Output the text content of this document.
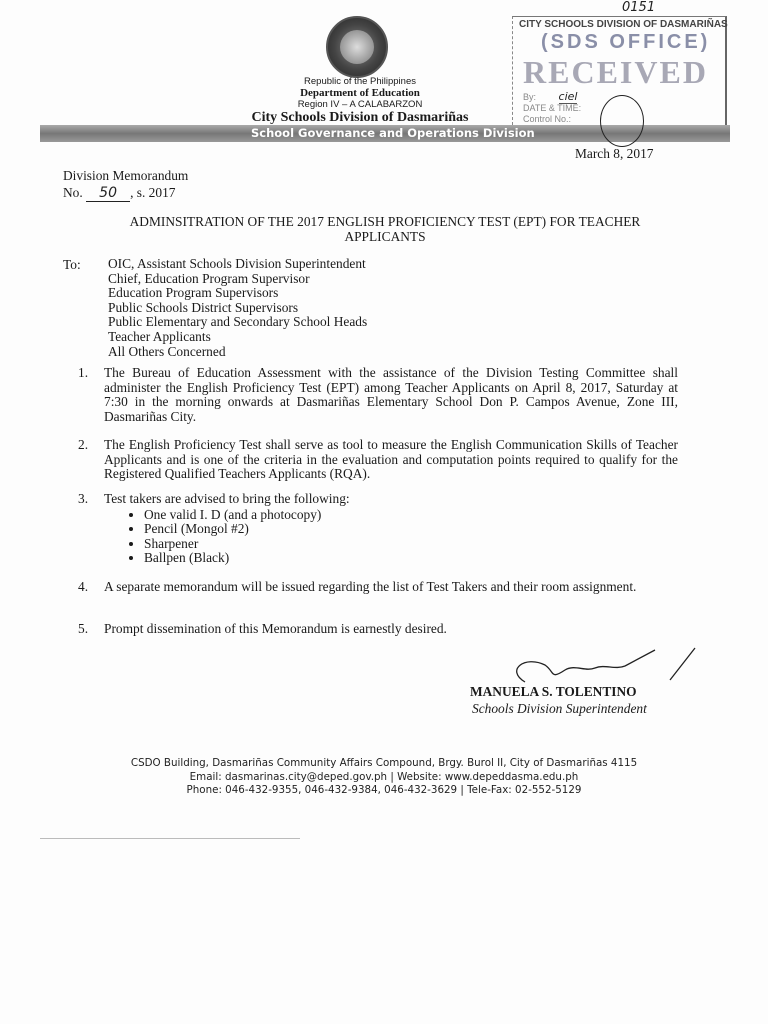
Republic of the Philippines
Department of Education
Region IV – A CALABARZON
City Schools Division of Dasmariñas
School Governance and Operations Division
0151
CITY SCHOOLS DIVISION OF DASMARIÑAS
(SDS OFFICE)
RECEIVED
By: ciel
DATE & TIME:
Control No.:
March 8, 2017
Division Memorandum
No. 50 , s. 2017
ADMINSITRATION OF THE 2017 ENGLISH PROFICIENCY TEST (EPT) FOR TEACHER
APPLICANTS
To: OIC, Assistant Schools Division Superintendent
Chief, Education Program Supervisor
Education Program Supervisors
Public Schools District Supervisors
Public Elementary and Secondary School Heads
Teacher Applicants
All Others Concerned
1. The Bureau of Education Assessment with the assistance of the Division Testing Committee shall administer the English Proficiency Test (EPT) among Teacher Applicants on April 8, 2017, Saturday at 7:30 in the morning onwards at Dasmariñas Elementary School Don P. Campos Avenue, Zone III, Dasmariñas City.
2. The English Proficiency Test shall serve as tool to measure the English Communication Skills of Teacher Applicants and is one of the criteria in the evaluation and computation points required to qualify for the Registered Qualified Teachers Applicants (RQA).
3. Test takers are advised to bring the following:
• One valid I. D (and a photocopy)
• Pencil (Mongol #2)
• Sharpener
• Ballpen (Black)
4. A separate memorandum will be issued regarding the list of Test Takers and their room assignment.
5. Prompt dissemination of this Memorandum is earnestly desired.
MANUELA S. TOLENTINO
Schools Division Superintendent
CSDO Building, Dasmariñas Community Affairs Compound, Brgy. Burol II, City of Dasmariñas 4115
Email: dasmarinas.city@deped.gov.ph | Website: www.depeddasma.edu.ph
Phone: 046-432-9355, 046-432-9384, 046-432-3629 | Tele-Fax: 02-552-5129
